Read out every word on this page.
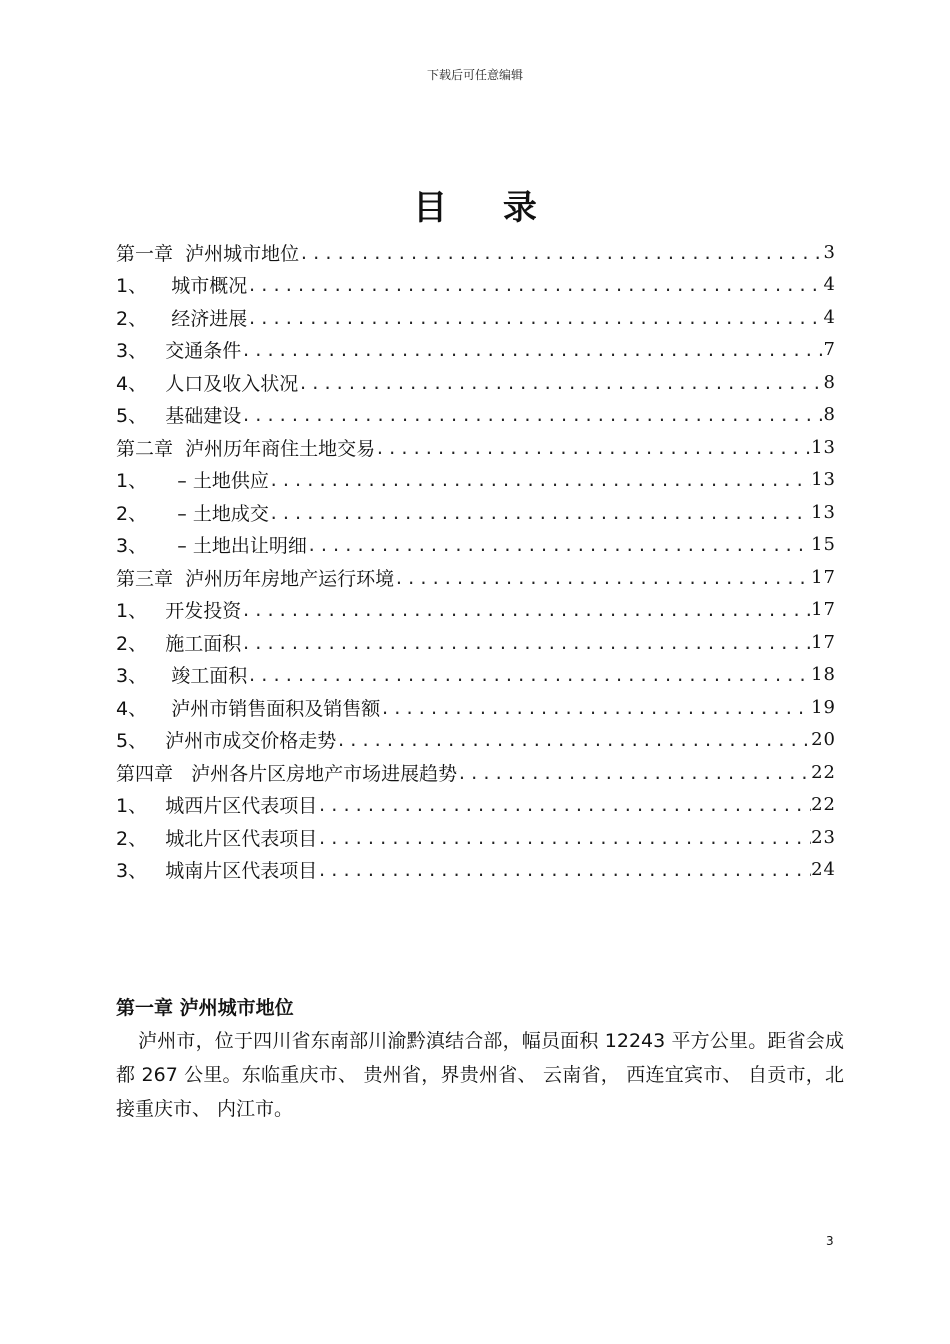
下载后可任意编辑
目 录
第一章 泸州城市地位 .....	3
1、 城市概况 .....	4
2、 经济进展 .....	4
3、 交通条件 .....	7
4、 人口及收入状况 .....	8
5、 基础建设 .....	8
第二章 泸州历年商住土地交易 .....	13
1、 – 土地供应 .....	13
2、 – 土地成交 .....	13
3、 – 土地出让明细 .....	15
第三章 泸州历年房地产运行环境 .....	17
1、 开发投资 .....	17
2、 施工面积 .....	17
3、 竣工面积 .....	18
4、 泸州市销售面积及销售额 .....	19
5、 泸州市成交价格走势 .....	20
第四章 泸州各片区房地产市场进展趋势 .....	22
1、 城西片区代表项目 .....	22
2、 城北片区代表项目 .....	23
3、 城南片区代表项目 .....	24
第一章 泸州城市地位
泸州市，位于四川省东南部川渝黔滇结合部，幅员面积 12243 平方公里。距省会成都 267 公里。东临重庆市、 贵州省，界贵州省、 云南省， 西连宜宾市、 自贡市，北接重庆市、 内江市。
3
